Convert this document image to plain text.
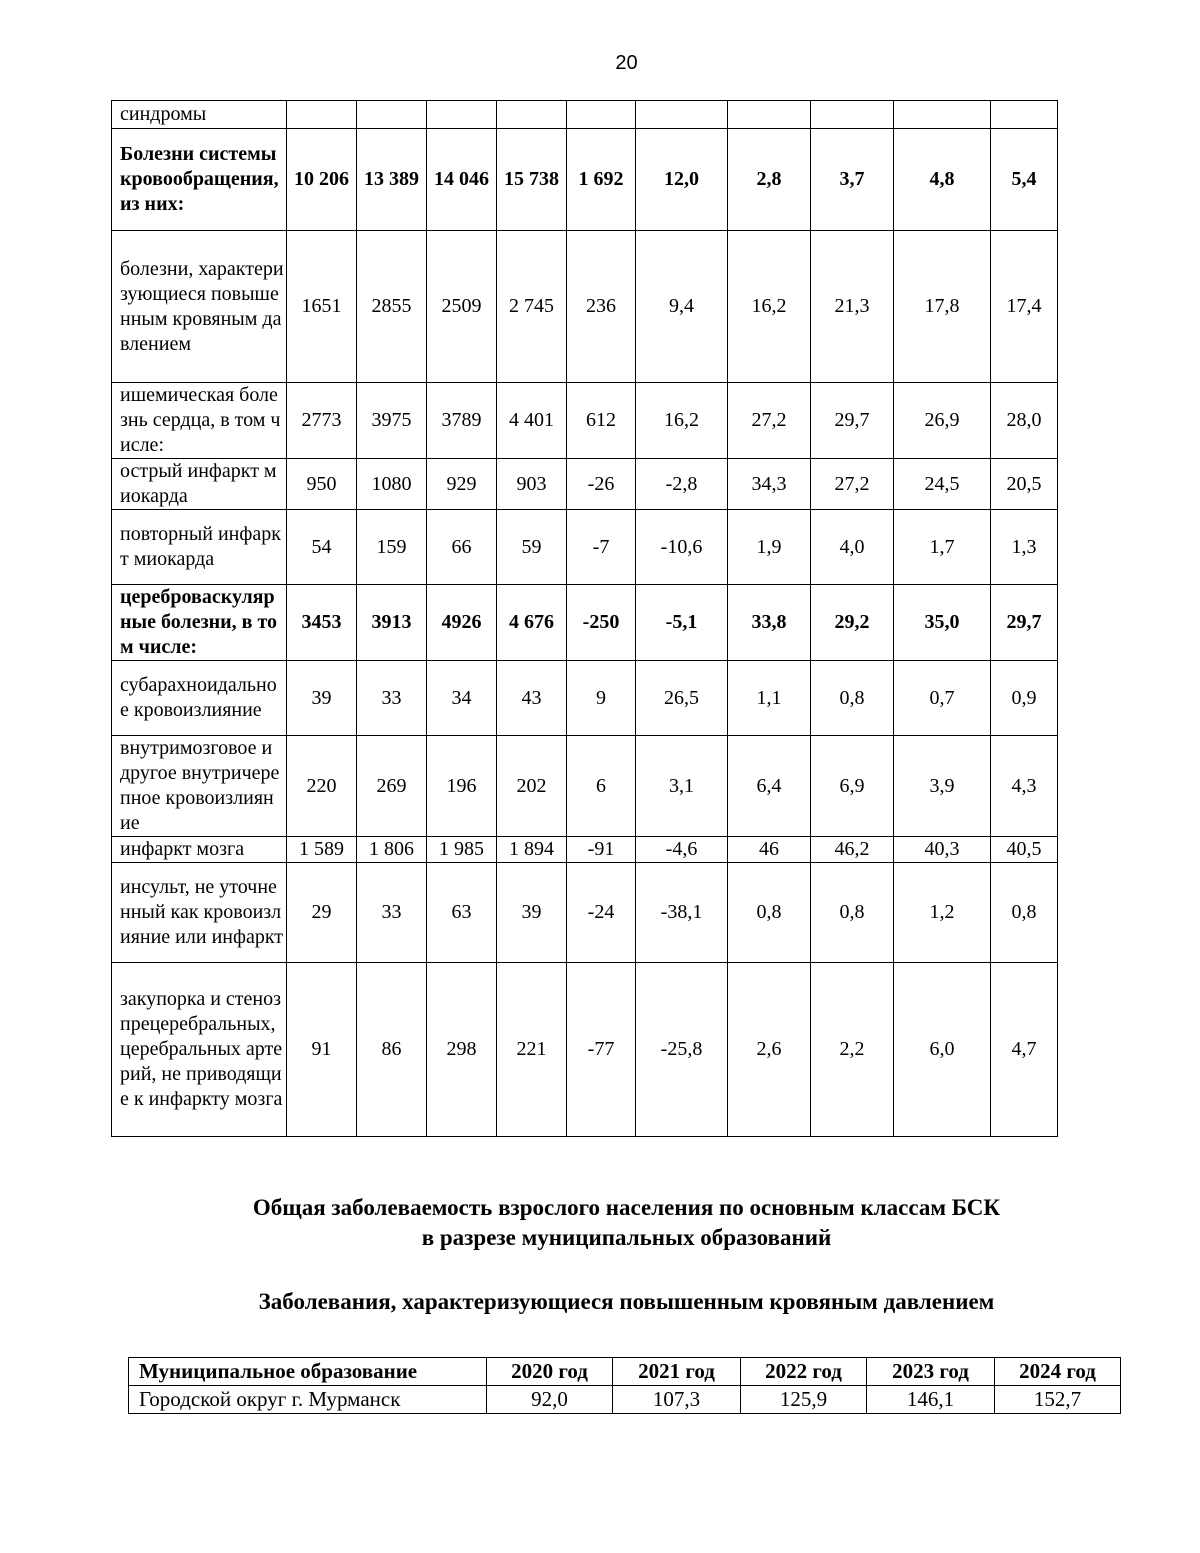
20
синдромы										
Болезни системы кровообращения, из них:	10 206	13 389	14 046	15 738	1 692	12,0	2,8	3,7	4,8	5,4
болезни, характеризующиеся повышенным кровяным давлением	1651	2855	2509	2 745	236	9,4	16,2	21,3	17,8	17,4
ишемическая болезнь сердца, в том числе:	2773	3975	3789	4 401	612	16,2	27,2	29,7	26,9	28,0
острый инфаркт миокарда	950	1080	929	903	-26	-2,8	34,3	27,2	24,5	20,5
повторный инфаркт миокарда	54	159	66	59	-7	-10,6	1,9	4,0	1,7	1,3
цереброваскулярные болезни, в том числе:	3453	3913	4926	4 676	-250	-5,1	33,8	29,2	35,0	29,7
субарахноидальное кровоизлияние	39	33	34	43	9	26,5	1,1	0,8	0,7	0,9
внутримозговое и другое внутричерепное кровоизлияние	220	269	196	202	6	3,1	6,4	6,9	3,9	4,3
инфаркт мозга	1 589	1 806	1 985	1 894	-91	-4,6	46	46,2	40,3	40,5
инсульт, не уточненный как кровоизлияние или инфаркт	29	33	63	39	-24	-38,1	0,8	0,8	1,2	0,8
закупорка и стеноз прецеребральных, церебральных артерий, не приводящие к инфаркту мозга	91	86	298	221	-77	-25,8	2,6	2,2	6,0	4,7
Общая заболеваемость взрослого населения по основным классам БСК
в разрезе муниципальных образований
Заболевания, характеризующиеся повышенным кровяным давлением
Муниципальное образование	2020 год	2021 год	2022 год	2023 год	2024 год
Городской округ г. Мурманск	92,0	107,3	125,9	146,1	152,7
